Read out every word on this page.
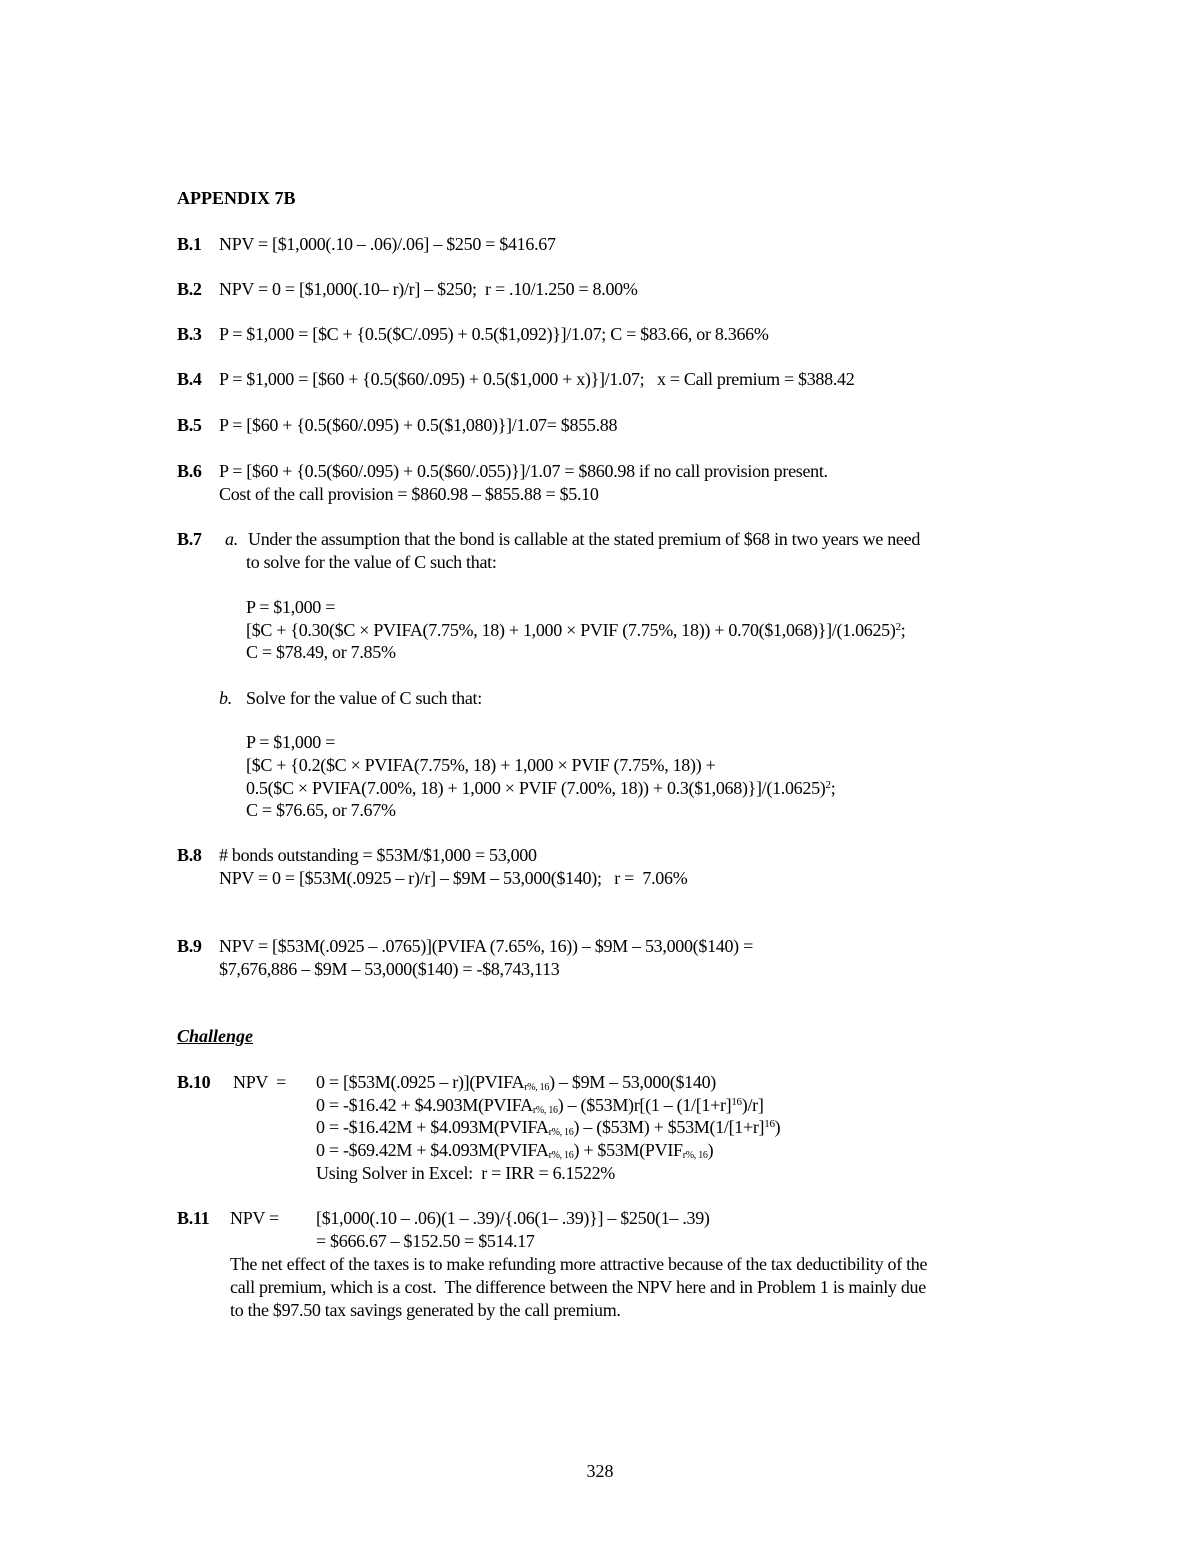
APPENDIX 7B
B.1 NPV = [$1,000(.10 – .06)/.06] – $250 = $416.67
B.2 NPV = 0 = [$1,000(.10– r)/r] – $250;  r = .10/1.250 = 8.00%
B.3 P = $1,000 = [$C + {0.5($C/.095) + 0.5($1,092)}]/1.07; C = $83.66, or 8.366%
B.4 P = $1,000 = [$60 + {0.5($60/.095) + 0.5($1,000 + x)}]/1.07;   x = Call premium = $388.42
B.5 P = [$60 + {0.5($60/.095) + 0.5($1,080)}]/1.07= $855.88
B.6 P = [$60 + {0.5($60/.095) + 0.5($60/.055)}]/1.07 = $860.98 if no call provision present.
Cost of the call provision = $860.98 – $855.88 = $5.10
B.7 a. Under the assumption that the bond is callable at the stated premium of $68 in two years we need
to solve for the value of C such that:
P = $1,000 =
[$C + {0.30($C × PVIFA(7.75%, 18) + 1,000 × PVIF (7.75%, $18)) + 0.70(\$1,068)\}]/(1.0625)^2$;
C = $78.49, or 7.85%
b. Solve for the value of C such that:
P = $1,000 =
[$C + {0.2($C × PVIFA(7.75%, 18) + 1,000 × PVIF (7.75%, 18)) +
0.5($C × PVIFA(7.00%, 18) + 1,000 × PVIF (7.00%, $18)) + 0.3(\$1,068)\}]/(1.0625)^2$;
C = $76.65, or 7.67%
B.8 # bonds outstanding = $53M/$1,000 = 53,000
NPV = 0 = [$53M(.0925 – r)/r] – $9M – 53,000($140);   r =  7.06%
B.9 NPV = [$53M(.0925 – .0765)](PVIFA (7.65%, 16)) – $9M – 53,000($140) =
$7,676,886 – $9M – 53,000($140) = -$8,743,113
Challenge
B.10 NPV  = 0 = [$53M(.0925 – $r)](PVIFA_{r\%, 16})$ – $9M – 53,000($140)
0 = -$16.42 + $\$4.903M(PVIFA_{r\%, 16})$ – ($53M)r[(1 – $(1/[1+r]^{16})/r$]
0 = -$16.42M + $\$4.093M(PVIFA_{r\%, 16})$ – ($53M) + $\$53M(1/[1+r]^{16})$
0 = -$69.42M + $\$4.093M(PVIFA_{r\%, 16})$ + $\$53M(PVIF_{r\%, 16})$
Using Solver in Excel:  r = IRR = 6.1522%
B.11 NPV = [$1,000(.10 – .06)(1 – .39)/{.06(1– .39)}] – $250(1– .39)
= $666.67 – $152.50 = $514.17
The net effect of the taxes is to make refunding more attractive because of the tax deductibility of the
call premium, which is a cost.  The difference between the NPV here and in Problem 1 is mainly due
to the $97.50 tax savings generated by the call premium.
328
